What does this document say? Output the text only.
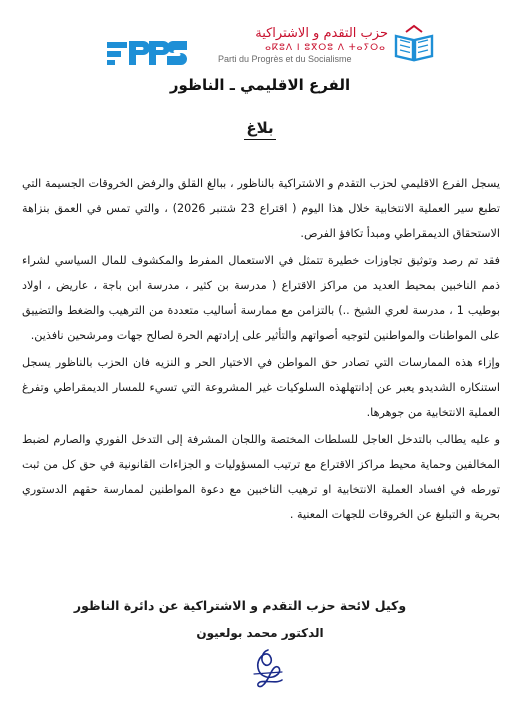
حزب التقدم و الاشتراكية
ⴰⴽⵓⴷ ⵏ ⵓⴳⵔⵓ ⴷ ⵜⴰⵢⵔⴰ
Parti du Progrès et du Socialisme
الفرع الاقليمي ـ الناظور
بلاغ

يسجل الفرع الاقليمي لحزب التقدم و الاشتراكية بالناظور ، ببالغ القلق والرفض الخروقات الجسيمة التي تطبع سير العملية الانتخابية خلال هذا اليوم ( اقتراع 23 شتنبر 2026) ، والتي تمس في العمق بنزاهة الاستحقاق الديمقراطي ومبدأ تكافؤ الفرص.

فقد تم رصد وتوثيق تجاوزات خطيرة تتمثل في الاستعمال المفرط والمكشوف للمال السياسي لشراء ذمم الناخبين بمحيط العديد من مراكز الاقتراع ( مدرسة بن كثير ، مدرسة ابن باجة ، عاريض ، اولاد بوطيب 1 ، مدرسة لعري الشيخ ..) بالتزامن مع ممارسة أساليب متعددة من الترهيب والضغط والتضييق على المواطنات والمواطنين لتوجيه أصواتهم والتأثير على إرادتهم الحرة لصالح جهات ومرشحين نافذين.

وإزاء هذه الممارسات التي تصادر حق المواطن في الاختيار الحر و النزيه فان الحزب بالناظور يسجل استنكاره الشديدو يعبر عن إدانتهلهذه السلوكيات غير المشروعة التي تسيء للمسار الديمقراطي وتفرغ العملية الانتخابية من جوهرها.

و عليه يطالب بالتدخل العاجل للسلطات المختصة واللجان المشرفة إلى التدخل الفوري والصارم لضبط المخالفين وحماية محيط مراكز الاقتراع مع ترتيب المسؤوليات و الجزاءات القانونية في حق كل من ثبت تورطه في افساد العملية الانتخابية او ترهيب الناخبين مع دعوة المواطنين لممارسة حقهم الدستوري بحرية و التبليغ عن الخروقات للجهات المعنية .

وكيل لائحة حزب التقدم و الاشتراكية عن دائرة الناظور
الدكتور محمد بولعيون
